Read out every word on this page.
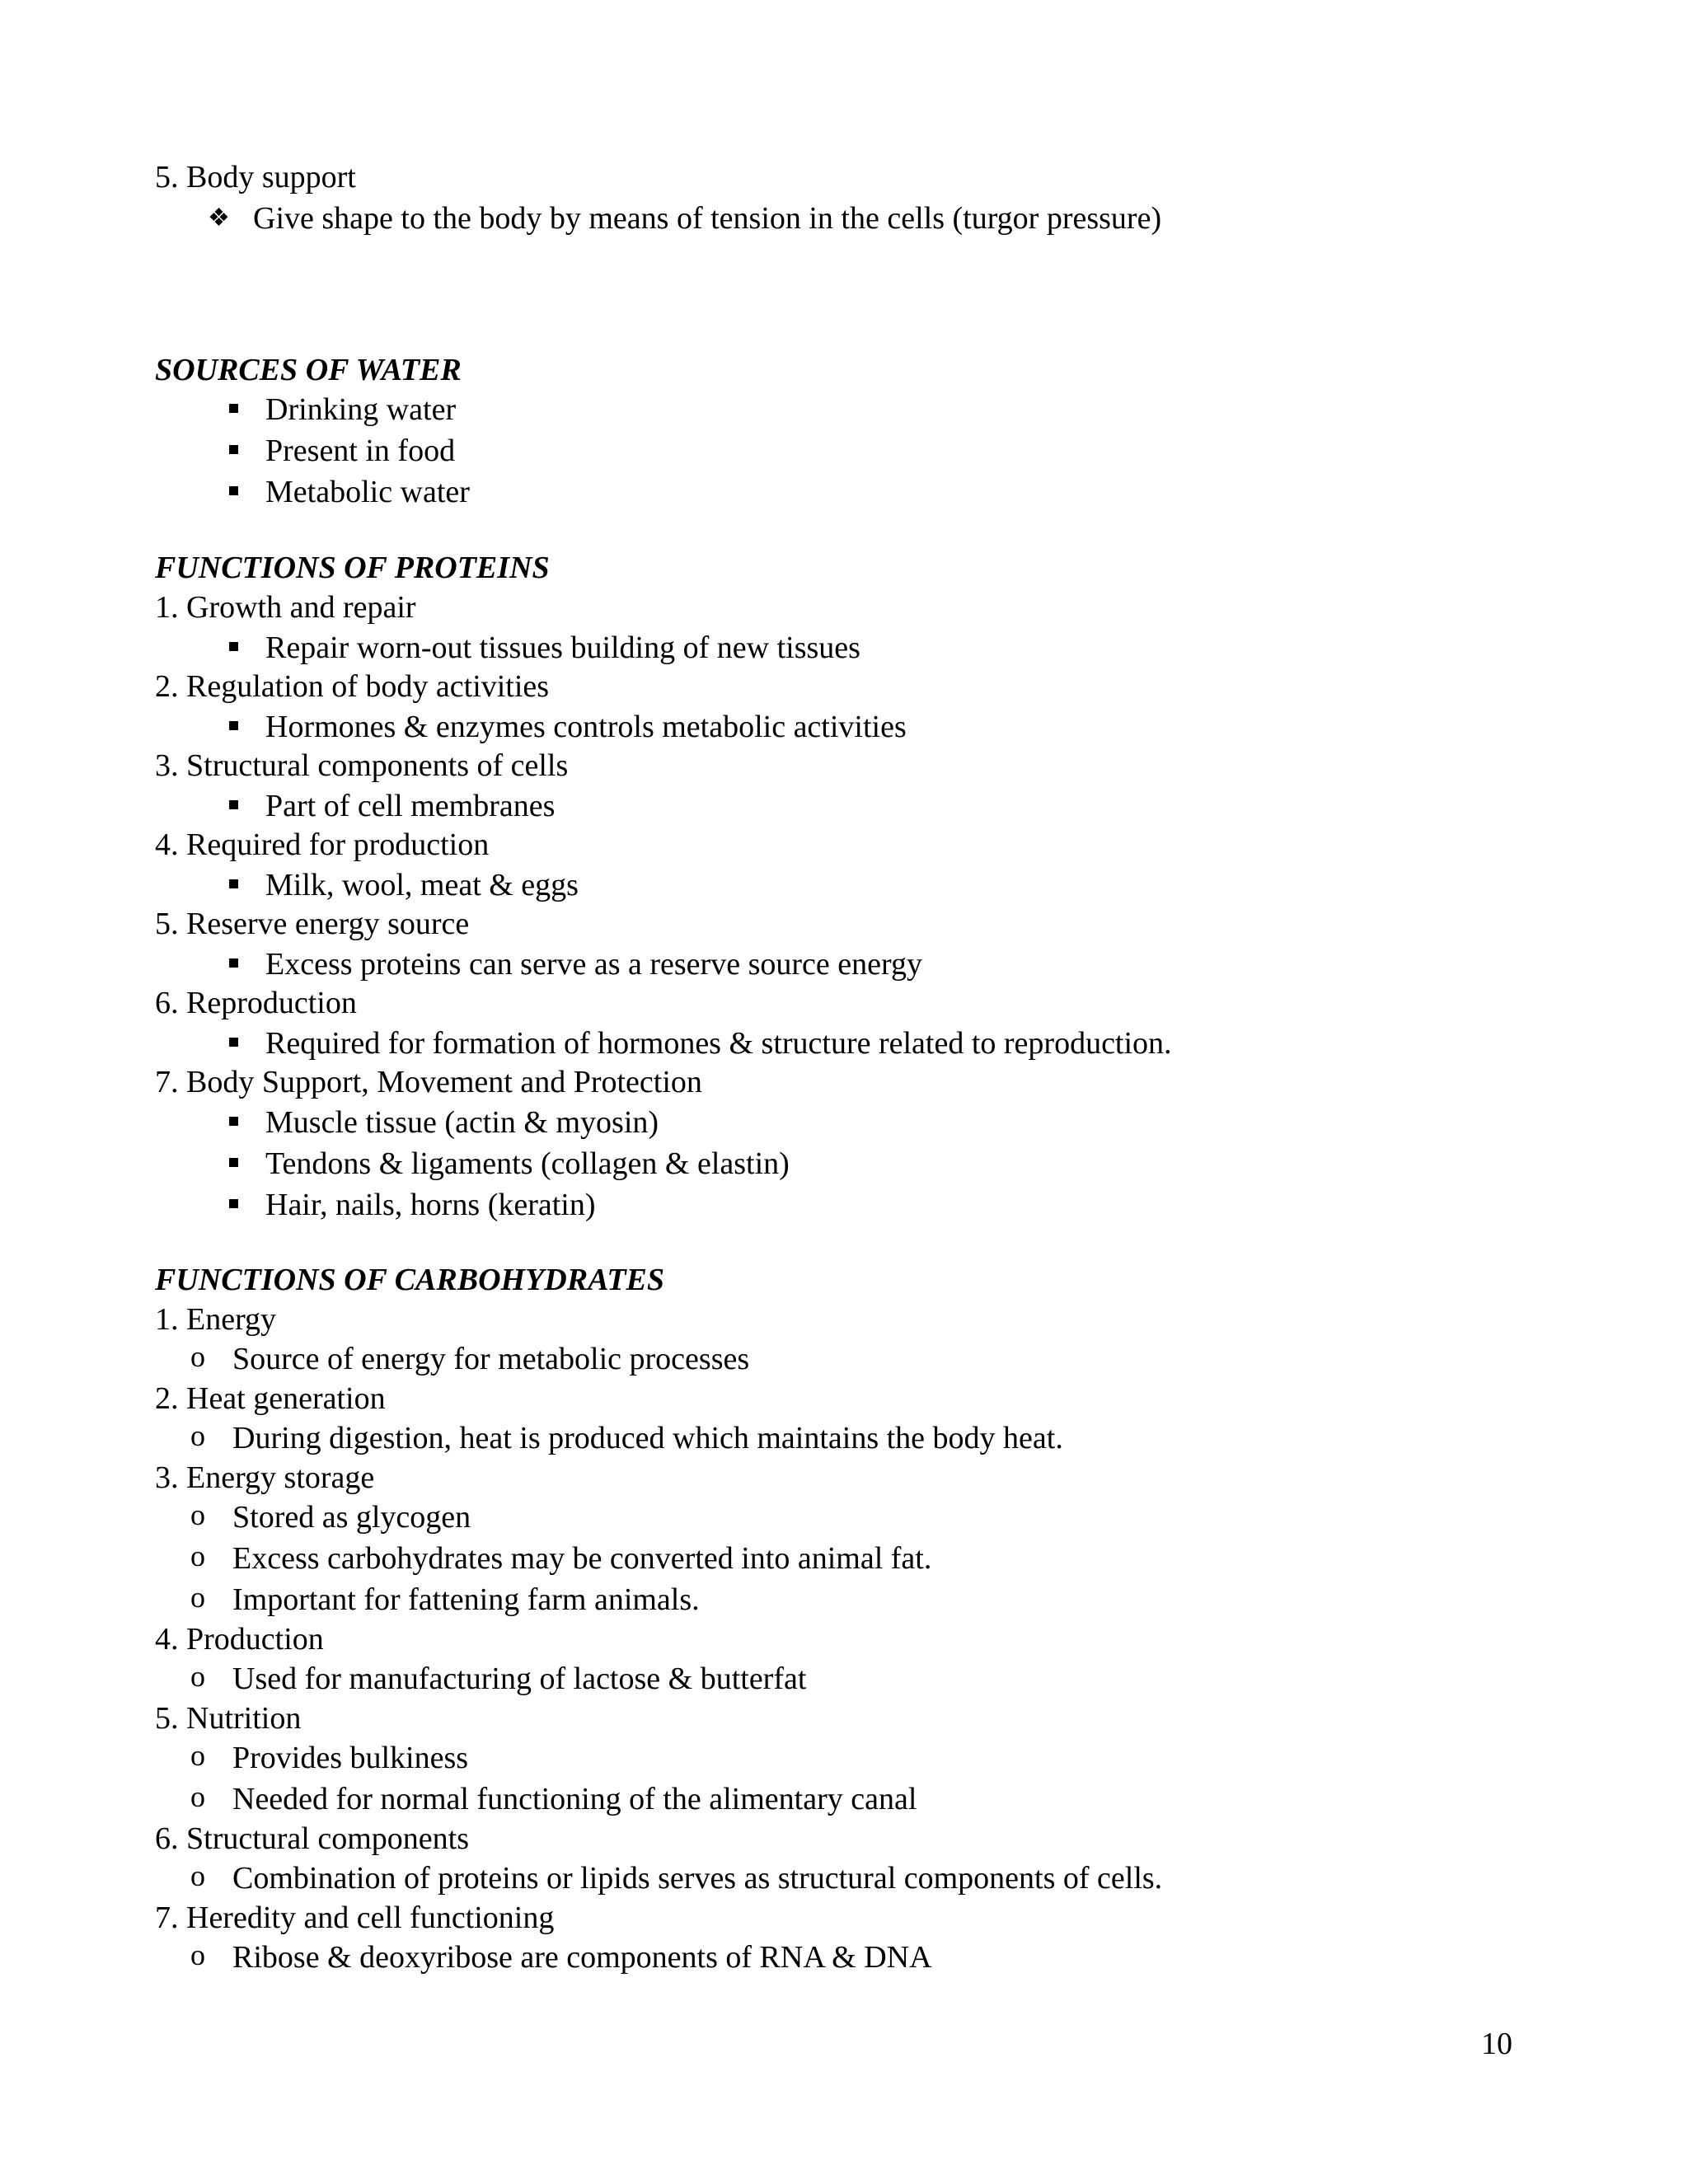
5. Body support
❖ Give shape to the body by means of tension in the cells (turgor pressure)
SOURCES OF WATER
Drinking water
Present in food
Metabolic water
FUNCTIONS OF PROTEINS
1. Growth and repair
Repair worn-out tissues building of new tissues
2. Regulation of body activities
Hormones & enzymes controls metabolic activities
3. Structural components of cells
Part of cell membranes
4. Required for production
Milk, wool, meat & eggs
5. Reserve energy source
Excess proteins can serve as a reserve source energy
6. Reproduction
Required for formation of hormones & structure related to reproduction.
7. Body Support, Movement and Protection
Muscle tissue (actin & myosin)
Tendons & ligaments (collagen & elastin)
Hair, nails, horns (keratin)
FUNCTIONS OF CARBOHYDRATES
1. Energy
o Source of energy for metabolic processes
2. Heat generation
o During digestion, heat is produced which maintains the body heat.
3. Energy storage
o Stored as glycogen
o Excess carbohydrates may be converted into animal fat.
o Important for fattening farm animals.
4. Production
o Used for manufacturing of lactose & butterfat
5. Nutrition
o Provides bulkiness
o Needed for normal functioning of the alimentary canal
6. Structural components
o Combination of proteins or lipids serves as structural components of cells.
7. Heredity and cell functioning
o Ribose & deoxyribose are components of RNA & DNA
10
